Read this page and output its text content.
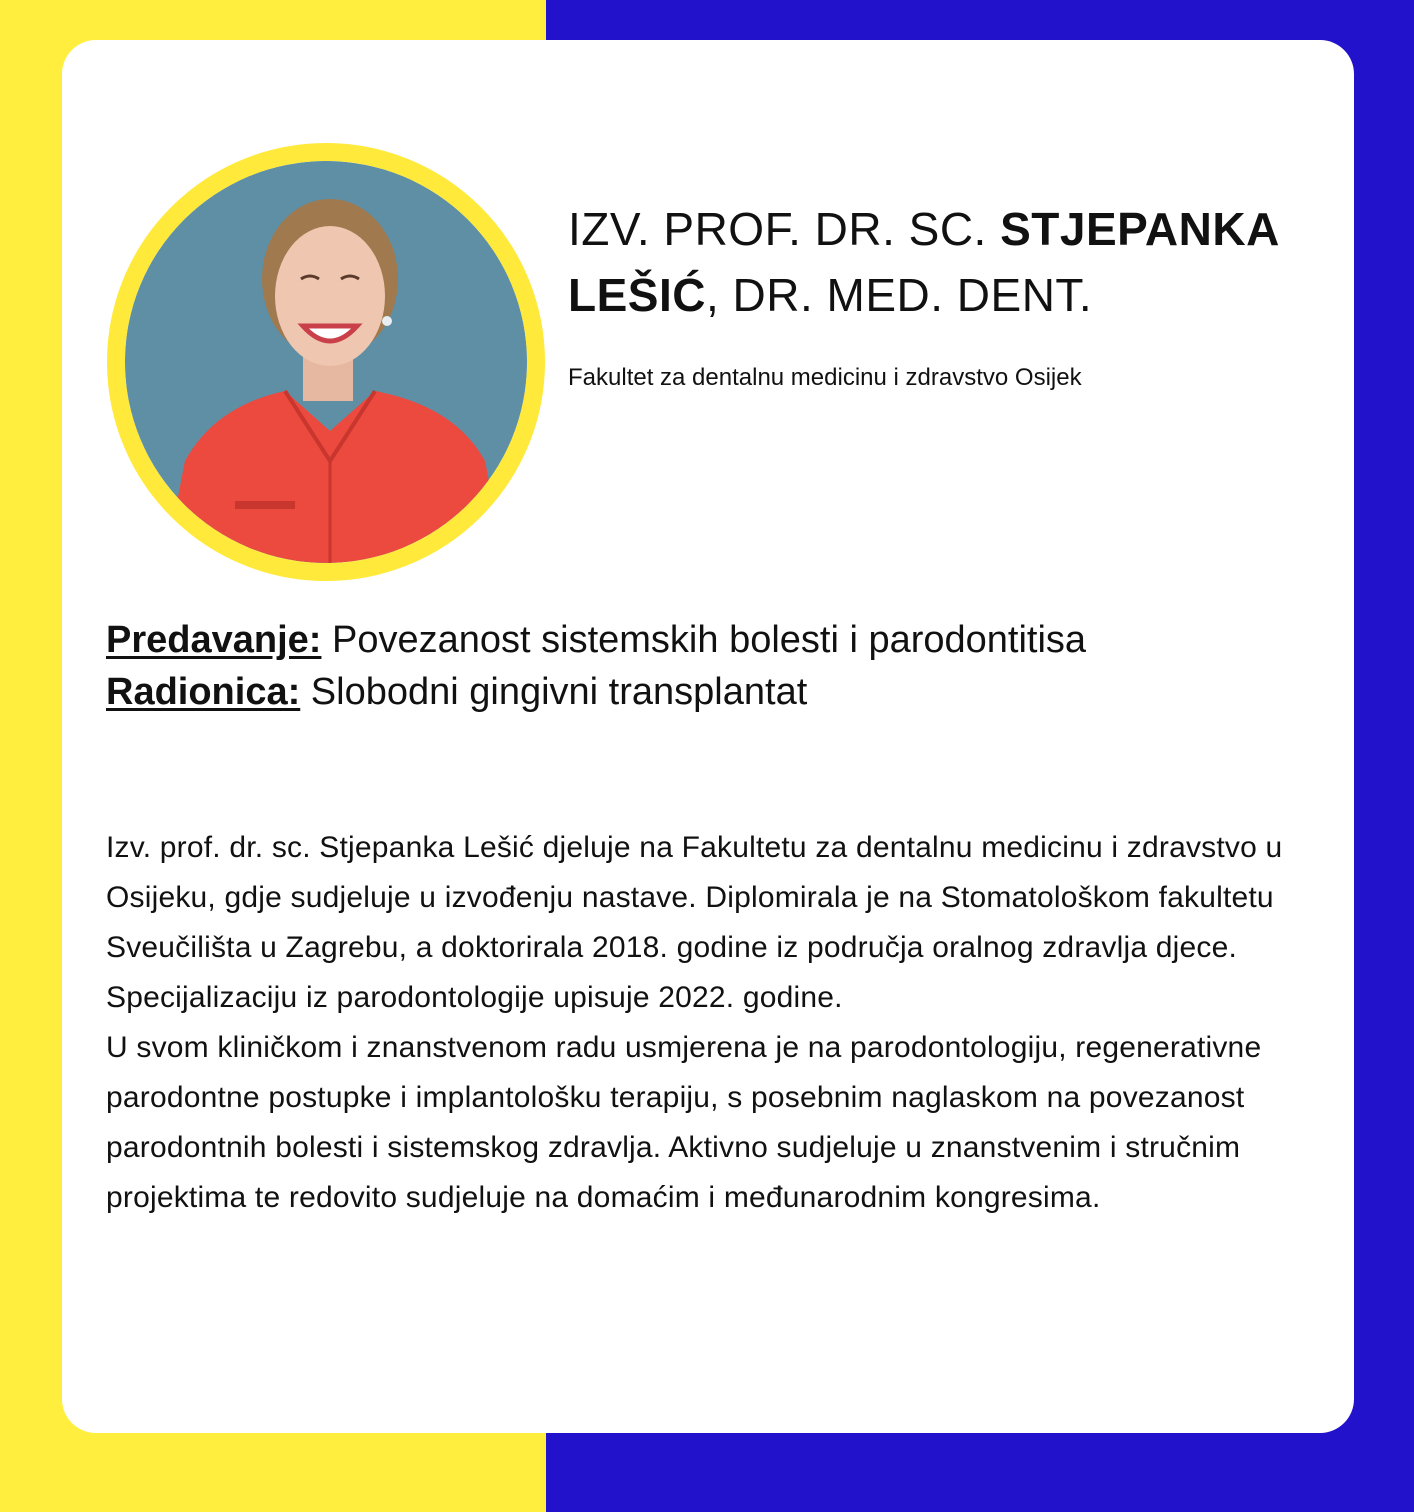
IZV. PROF. DR. SC. STJEPANKA
LEŠIĆ, DR. MED. DENT.
Fakultet za dentalnu medicinu i zdravstvo Osijek
Predavanje: Povezanost sistemskih bolesti i parodontitisa
Radionica: Slobodni gingivni transplantat

Izv. prof. dr. sc. Stjepanka Lešić djeluje na Fakultetu za dentalnu medicinu i zdravstvo u Osijeku, gdje sudjeluje u izvođenju nastave. Diplomirala je na Stomatološkom fakultetu Sveučilišta u Zagrebu, a doktorirala 2018. godine iz područja oralnog zdravlja djece. Specijalizaciju iz parodontologije upisuje 2022. godine.

U svom kliničkom i znanstvenom radu usmjerena je na parodontologiju, regenerativne parodontne postupke i implantološku terapiju, s posebnim naglaskom na povezanost parodontnih bolesti i sistemskog zdravlja. Aktivno sudjeluje u znanstvenim i stručnim projektima te redovito sudjeluje na domaćim i međunarodnim kongresima.
